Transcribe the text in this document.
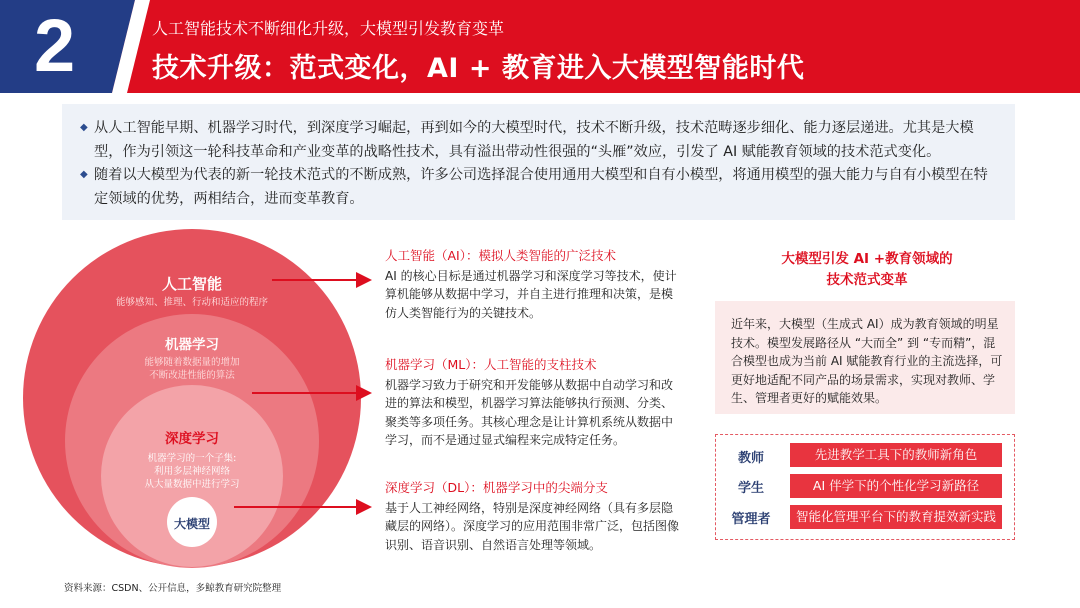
2	人工智能技术不断细化升级，大模型引发教育变革
技术升级：范式变化，AI + 教育进入大模型智能时代
◆ 从人工智能早期、机器学习时代，到深度学习崛起，再到如今的大模型时代，技术不断升级，技术范畴逐步细化、能力逐层递进。尤其是大模型，作为引领这一轮科技革命和产业变革的战略性技术，具有溢出带动性很强的“头雁”效应，引发了 AI 赋能教育领域的技术范式变化。
◆ 随着以大模型为代表的新一轮技术范式的不断成熟，许多公司选择混合使用通用大模型和自有小模型，将通用模型的强大能力与自有小模型在特定领域的优势，两相结合，进而变革教育。
人工智能
能够感知、推理、行动和适应的程序
机器学习
能够随着数据量的增加
不断改进性能的算法
深度学习
机器学习的一个子集:
利用多层神经网络
从大量数据中进行学习
大模型
人工智能（AI）：模拟人类智能的广泛技术
AI 的核心目标是通过机器学习和深度学习等技术，使计算机能够从数据中学习，并自主进行推理和决策，是模仿人类智能行为的关键技术。
机器学习（ML）：人工智能的支柱技术
机器学习致力于研究和开发能够从数据中自动学习和改进的算法和模型，机器学习算法能够执行预测、分类、聚类等多项任务。其核心理念是让计算机系统从数据中学习，而不是通过显式编程来完成特定任务。
深度学习（DL）：机器学习中的尖端分支
基于人工神经网络，特别是深度神经网络（具有多层隐藏层的网络）。深度学习的应用范围非常广泛，包括图像识别、语音识别、自然语言处理等领域。
大模型引发 AI +教育领域的
技术范式变革
近年来，大模型（生成式 AI）成为教育领域的明星技术。模型发展路径从 “大而全” 到 “专而精”，混合模型也成为当前 AI 赋能教育行业的主流选择，可更好地适配不同产品的场景需求，实现对教师、学生、管理者更好的赋能效果。
教师	先进教学工具下的教师新角色
学生	AI 伴学下的个性化学习新路径
管理者	智能化管理平台下的教育提效新实践
资料来源：CSDN、公开信息，多鲸教育研究院整理
